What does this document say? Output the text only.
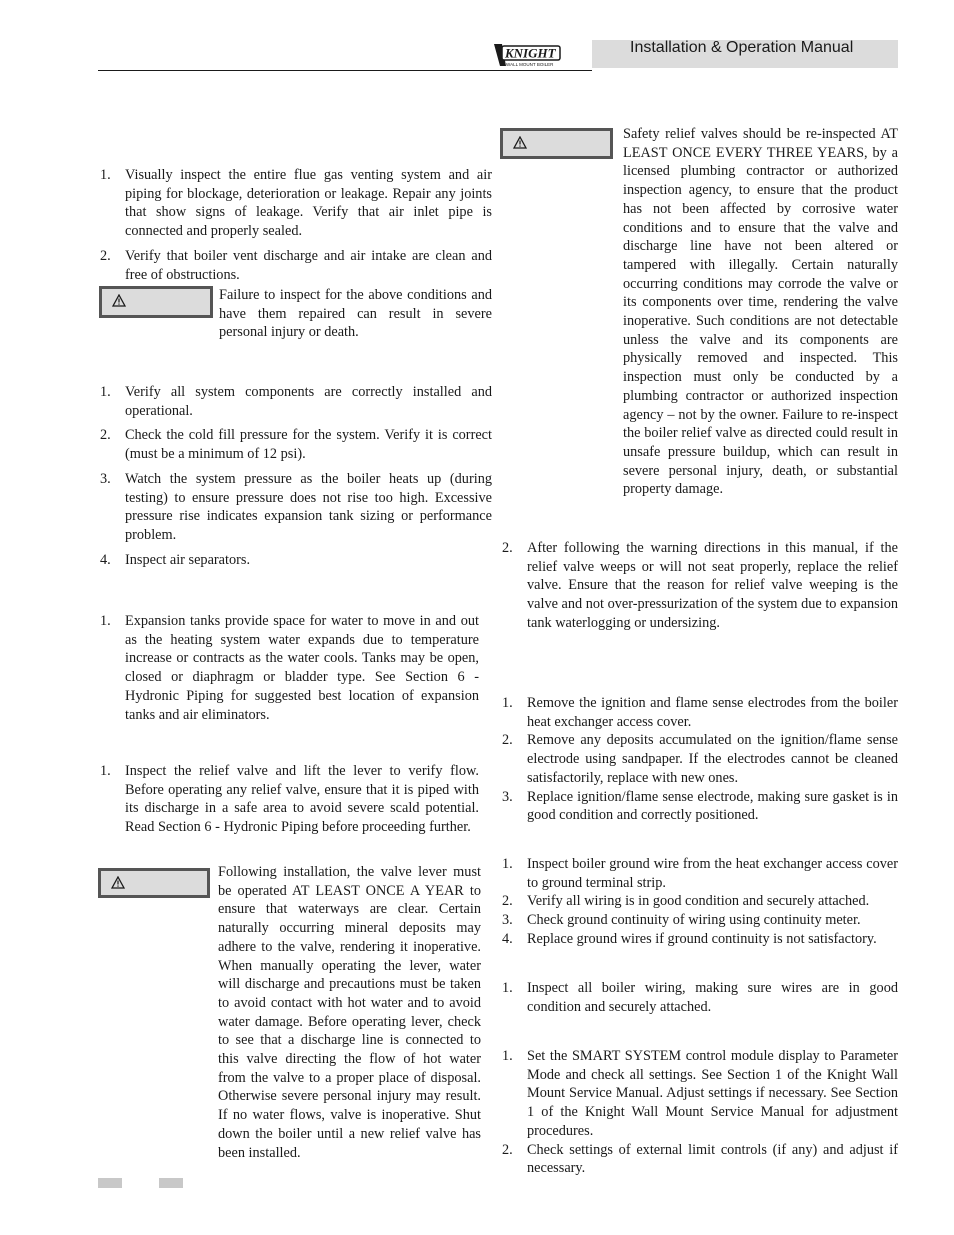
KNIGHT
WALL MOUNT BOILER
Installation & Operation Manual
1. Visually inspect the entire flue gas venting system and air piping for blockage, deterioration or leakage. Repair any joints that show signs of leakage. Verify that air inlet pipe is connected and properly sealed.
2. Verify that boiler vent discharge and air intake are clean and free of obstructions.
Failure to inspect for the above conditions and have them repaired can result in severe personal injury or death.
1. Verify all system components are correctly installed and operational.
2. Check the cold fill pressure for the system. Verify it is correct (must be a minimum of 12 psi).
3. Watch the system pressure as the boiler heats up (during testing) to ensure pressure does not rise too high. Excessive pressure rise indicates expansion tank sizing or performance problem.
4. Inspect air separators.
1. Expansion tanks provide space for water to move in and out as the heating system water expands due to temperature increase or contracts as the water cools. Tanks may be open, closed or diaphragm or bladder type. See Section 6 - Hydronic Piping for suggested best location of expansion tanks and air eliminators.
1. Inspect the relief valve and lift the lever to verify flow. Before operating any relief valve, ensure that it is piped with its discharge in a safe area to avoid severe scald potential. Read Section 6 - Hydronic Piping before proceeding further.
Following installation, the valve lever must be operated AT LEAST ONCE A YEAR to ensure that waterways are clear. Certain naturally occurring mineral deposits may adhere to the valve, rendering it inoperative. When manually operating the lever, water will discharge and precautions must be taken to avoid contact with hot water and to avoid water damage. Before operating lever, check to see that a discharge line is connected to this valve directing the flow of hot water from the valve to a proper place of disposal. Otherwise severe personal injury may result. If no water flows, valve is inoperative. Shut down the boiler until a new relief valve has been installed.
Safety relief valves should be re-inspected AT LEAST ONCE EVERY THREE YEARS, by a licensed plumbing contractor or authorized inspection agency, to ensure that the product has not been affected by corrosive water conditions and to ensure that the valve and discharge line have not been altered or tampered with illegally. Certain naturally occurring conditions may corrode the valve or its components over time, rendering the valve inoperative. Such conditions are not detectable unless the valve and its components are physically removed and inspected. This inspection must only be conducted by a plumbing contractor or authorized inspection agency – not by the owner. Failure to re-inspect the boiler relief valve as directed could result in unsafe pressure buildup, which can result in severe personal injury, death, or substantial property damage.
2. After following the warning directions in this manual, if the relief valve weeps or will not seat properly, replace the relief valve. Ensure that the reason for relief valve weeping is the valve and not over-pressurization of the system due to expansion tank waterlogging or undersizing.
1. Remove the ignition and flame sense electrodes from the boiler heat exchanger access cover.
2. Remove any deposits accumulated on the ignition/flame sense electrode using sandpaper. If the electrodes cannot be cleaned satisfactorily, replace with new ones.
3. Replace ignition/flame sense electrode, making sure gasket is in good condition and correctly positioned.
1. Inspect boiler ground wire from the heat exchanger access cover to ground terminal strip.
2. Verify all wiring is in good condition and securely attached.
3. Check ground continuity of wiring using continuity meter.
4. Replace ground wires if ground continuity is not satisfactory.
1. Inspect all boiler wiring, making sure wires are in good condition and securely attached.
1. Set the SMART SYSTEM control module display to Parameter Mode and check all settings. See Section 1 of the Knight Wall Mount Service Manual. Adjust settings if necessary. See Section 1 of the Knight Wall Mount Service Manual for adjustment procedures.
2. Check settings of external limit controls (if any) and adjust if necessary.
